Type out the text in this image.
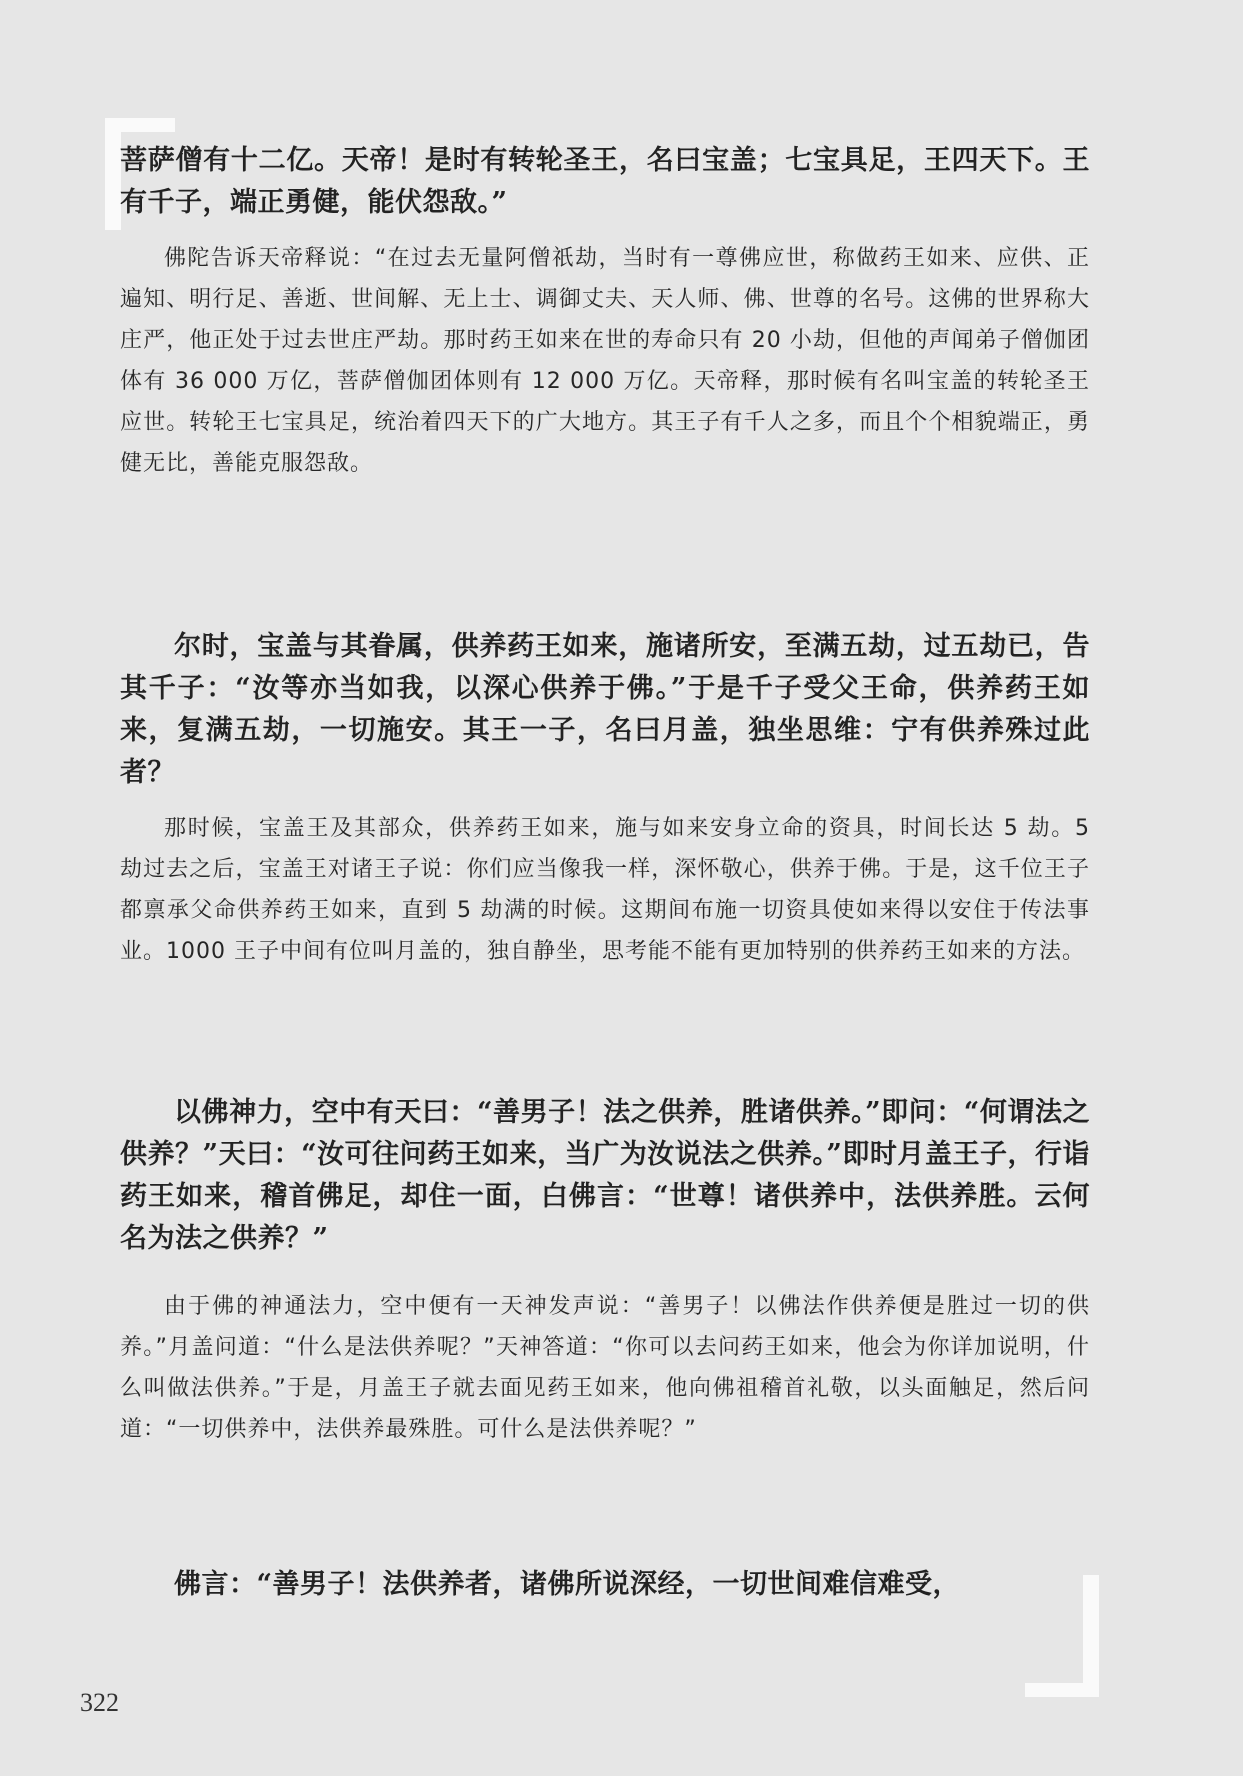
菩萨僧有十二亿。天帝！是时有转轮圣王，名曰宝盖；七宝具足，王四天下。王有千子，端正勇健，能伏怨敌。”

佛陀告诉天帝释说：“在过去无量阿僧祇劫，当时有一尊佛应世，称做药王如来、应供、正遍知、明行足、善逝、世间解、无上士、调御丈夫、天人师、佛、世尊的名号。这佛的世界称大庄严，他正处于过去世庄严劫。那时药王如来在世的寿命只有 20 小劫，但他的声闻弟子僧伽团体有 36 000 万亿，菩萨僧伽团体则有 12 000 万亿。天帝释，那时候有名叫宝盖的转轮圣王应世。转轮王七宝具足，统治着四天下的广大地方。其王子有千人之多，而且个个相貌端正，勇健无比，善能克服怨敌。

尔时，宝盖与其眷属，供养药王如来，施诸所安，至满五劫，过五劫已，告其千子：“汝等亦当如我，以深心供养于佛。”于是千子受父王命，供养药王如来，复满五劫，一切施安。其王一子，名曰月盖，独坐思维：宁有供养殊过此者？

那时候，宝盖王及其部众，供养药王如来，施与如来安身立命的资具，时间长达 5 劫。5 劫过去之后，宝盖王对诸王子说：你们应当像我一样，深怀敬心，供养于佛。于是，这千位王子都禀承父命供养药王如来，直到 5 劫满的时候。这期间布施一切资具使如来得以安住于传法事业。1000 王子中间有位叫月盖的，独自静坐，思考能不能有更加特别的供养药王如来的方法。

以佛神力，空中有天曰：“善男子！法之供养，胜诸供养。”即问：“何谓法之供养？”天曰：“汝可往问药王如来，当广为汝说法之供养。”即时月盖王子，行诣药王如来，稽首佛足，却住一面，白佛言：“世尊！诸供养中，法供养胜。云何名为法之供养？”

由于佛的神通法力，空中便有一天神发声说：“善男子！以佛法作供养便是胜过一切的供养。”月盖问道：“什么是法供养呢？”天神答道：“你可以去问药王如来，他会为你详加说明，什么叫做法供养。”于是，月盖王子就去面见药王如来，他向佛祖稽首礼敬，以头面触足，然后问道：“一切供养中，法供养最殊胜。可什么是法供养呢？”

佛言：“善男子！法供养者，诸佛所说深经，一切世间难信难受，

322
